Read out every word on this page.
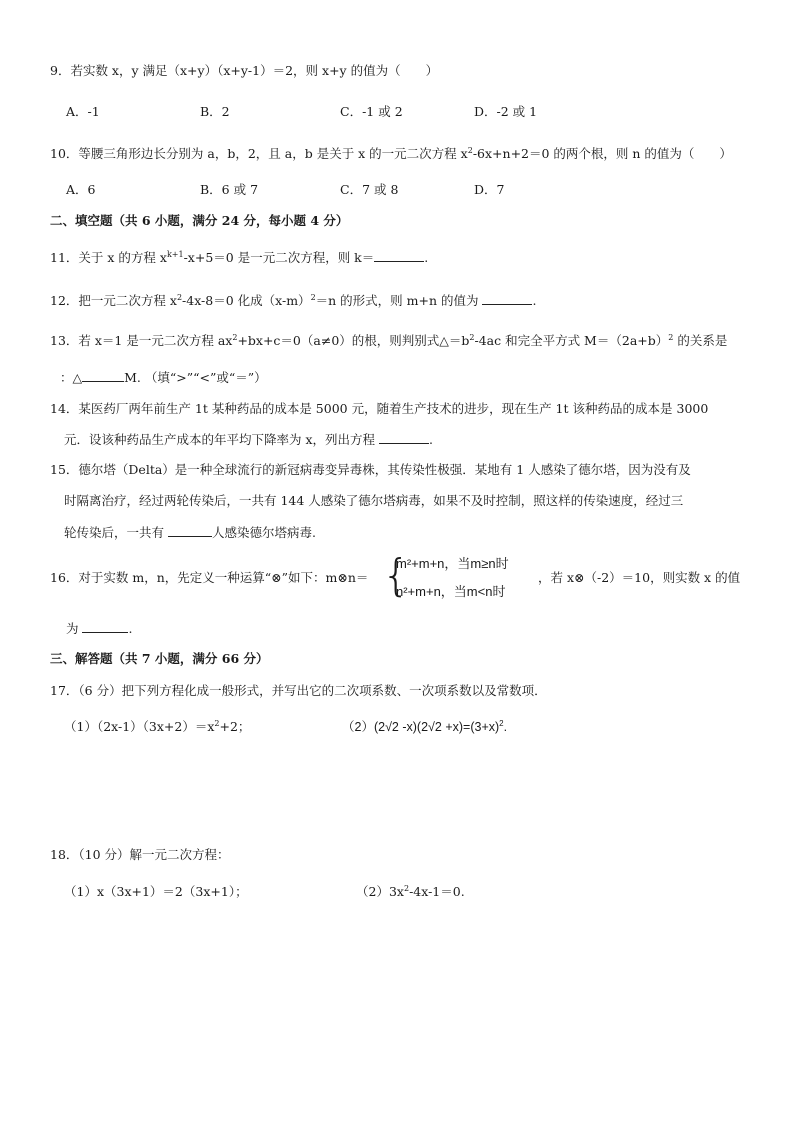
9．若实数 x，y 满足（x+y）（x+y-1）＝2，则 x+y 的值为（　　）
A．-1	B．2	C．-1 或 2	D．-2 或 1
10．等腰三角形边长分别为 a，b，2，且 a，b 是关于 x 的一元二次方程 $x^2-6x+n+2=0$ 的两个根，则 n 的值为（　　）
A．6	B．6 或 7	C．7 或 8	D．7
二、填空题（共 6 小题，满分 24 分，每小题 4 分）
11．关于 x 的方程 $x^{k+1}-x+5=0$ 是一元二次方程，则 k＝	.
12．把一元二次方程 $x^2-4x-8=0$ 化成$(x-m)^2=n$ 的形式，则 m+n 的值为	.
13．若 x＝1 是一元二次方程 $ax^2+bx+c=0(a\ne 0)$的根，则判别式$\triangle=b^2-4ac$ 和完全平方式 $M=(2a+b)^2$ 的关系是
：△	M. （填“>”“<”或“＝”）
14．某医药厂两年前生产 1t 某种药品的成本是 5000 元，随着生产技术的进步，现在生产 1t 该种药品的成本是 3000
元．设该种药品生产成本的年平均下降率为 x，列出方程	.
15．德尔塔（Delta）是一种全球流行的新冠病毒变异毒株，其传染性极强．某地有 1 人感染了德尔塔，因为没有及
时隔离治疗，经过两轮传染后，一共有 144 人感染了德尔塔病毒，如果不及时控制，照这样的传染速度，经过三
轮传染后，一共有	人感染德尔塔病毒.
16．对于实数 m，n，先定义一种运算“⊗”如下：m⊗n＝ {
m²+m+n，当m≥n时
n²+m+n，当m<n时
，若 x⊗（-2）＝10，则实数 x 的值
为	.
三、解答题（共 7 小题，满分 66 分）
17．（6 分）把下列方程化成一般形式，并写出它的二次项系数、一次项系数以及常数项．
$(1)(2x-1)(3x+2)=x^2+2$；	（2）(2√2 $-x)(2√2 +x)=(3+x)^2$.
18．（10 分）解一元二次方程：
（1）x（3x+1）＝2（3x+1）；	$(2)3x^2-4x-1=0$.
